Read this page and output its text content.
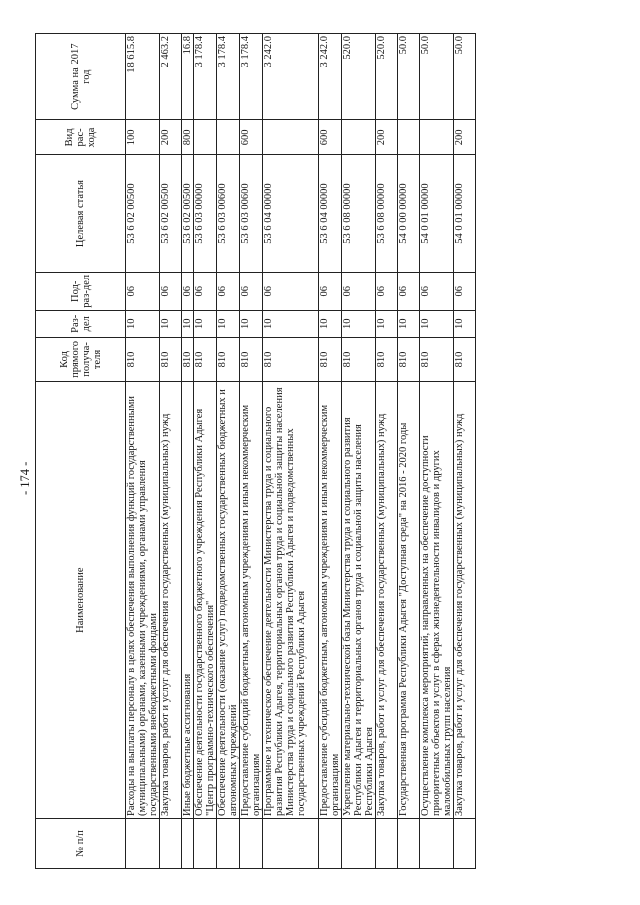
- 174 -
№ п/п	Наименование	Код прямого получа-теля	Раз-дел	Под-раз-дел	Целевая статья	Вид рас-хода	Сумма на 2017 год
	Расходы на выплаты персоналу в целях обеспечения выполнения функций государственными (муниципальными) органами, казенными учреждениями, органами управления государственными внебюджетными фондами	810	10	06	53 6 02 00500	100	18 615.8
	Закупка товаров, работ и услуг для обеспечения государственных (муниципальных) нужд	810	10	06	53 6 02 00500	200	2 463.2
	Иные бюджетные ассигнования	810	10	06	53 6 02 00500	800	16.8
	Обеспечение деятельности государственного бюджетного учреждения Республики Адыгея "Центр программно-технического обеспечения"	810	10	06	53 6 03 00000		3 178.4
	Обеспечение деятельности (оказание услуг) подведомственных государственных бюджетных и автономных учреждений	810	10	06	53 6 03 00600		3 178.4
	Предоставление субсидий бюджетным, автономным учреждениям и иным некоммерческим организациям	810	10	06	53 6 03 00600	600	3 178.4
	Программное и техническое обеспечение деятельности Министерства труда и социального развития Республики Адыгея, территориальных органов труда и социальной защиты населения Министерства труда и социального развития Республики Адыгея и подведомственных государственных учреждений Республики Адыгея	810	10	06	53 6 04 00000		3 242.0
	Предоставление субсидий бюджетным, автономным учреждениям и иным некоммерческим организациям	810	10	06	53 6 04 00000	600	3 242.0
	Укрепление материально-технической базы Министерства труда и социального развития Республики Адыгея и территориальных органов труда и социальной защиты населения Республики Адыгея	810	10	06	53 6 08 00000		520.0
	Закупка товаров, работ и услуг для обеспечения государственных (муниципальных) нужд	810	10	06	53 6 08 00000	200	520.0
	Государственная программа Республики Адыгея "Доступная среда" на 2016 - 2020 годы	810	10	06	54 0 00 00000		50.0
	Осуществление комплекса мероприятий, направленных на обеспечение доступности приоритетных объектов и услуг в сферах жизнедеятельности инвалидов и других маломобильных групп населения	810	10	06	54 0 01 00000		50.0
	Закупка товаров, работ и услуг для обеспечения государственных (муниципальных) нужд	810	10	06	54 0 01 00000	200	50.0
